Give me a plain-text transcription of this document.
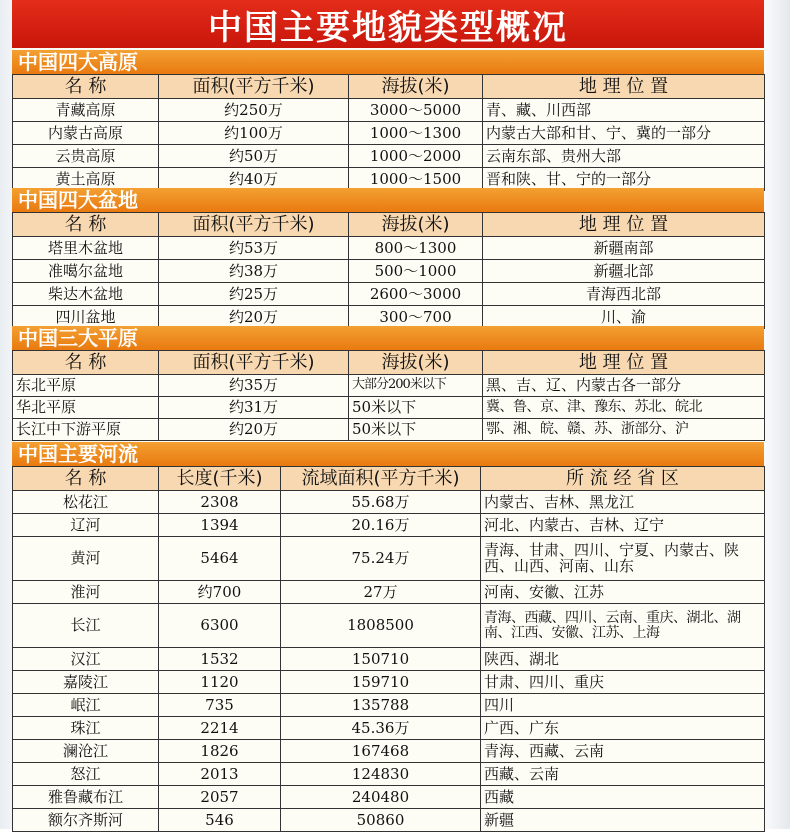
中国主要地貌类型概况
中国四大高原
名 称	面积(平方千米)	海拔(米)	地 理 位 置
青藏高原	约250万	3000～5000	青、藏、川西部
内蒙古高原	约100万	1000～1300	内蒙古大部和甘、宁、冀的一部分
云贵高原	约50万	1000～2000	云南东部、贵州大部
黄土高原	约40万	1000～1500	晋和陕、甘、宁的一部分
中国四大盆地
名 称	面积(平方千米)	海拔(米)	地 理 位 置
塔里木盆地	约53万	800～1300	新疆南部
准噶尔盆地	约38万	500～1000	新疆北部
柴达木盆地	约25万	2600～3000	青海西北部
四川盆地	约20万	300～700	川、渝
中国三大平原
名 称	面积(平方千米)	海拔(米)	地 理 位 置
东北平原	约35万	大部分200米以下	黑、吉、辽、内蒙古各一部分
华北平原	约31万	50米以下	冀、鲁、京、津、豫东、苏北、皖北
长江中下游平原	约20万	50米以下	鄂、湘、皖、赣、苏、浙部分、沪
中国主要河流
名 称	长度(千米)	流域面积(平方千米)	所 流 经 省 区
松花江	2308	55.68万	内蒙古、吉林、黑龙江
辽河	1394	20.16万	河北、内蒙古、吉林、辽宁
黄河	5464	75.24万	青海、甘肃、四川、宁夏、内蒙古、陕西、山西、河南、山东
淮河	约700	27万	河南、安徽、江苏
长江	6300	1808500	青海、西藏、四川、云南、重庆、湖北、湖南、江西、安徽、江苏、上海
汉江	1532	150710	陕西、湖北
嘉陵江	1120	159710	甘肃、四川、重庆
岷江	735	135788	四川
珠江	2214	45.36万	广西、广东
澜沧江	1826	167468	青海、西藏、云南
怒江	2013	124830	西藏、云南
雅鲁藏布江	2057	240480	西藏
额尔齐斯河	546	50860	新疆
